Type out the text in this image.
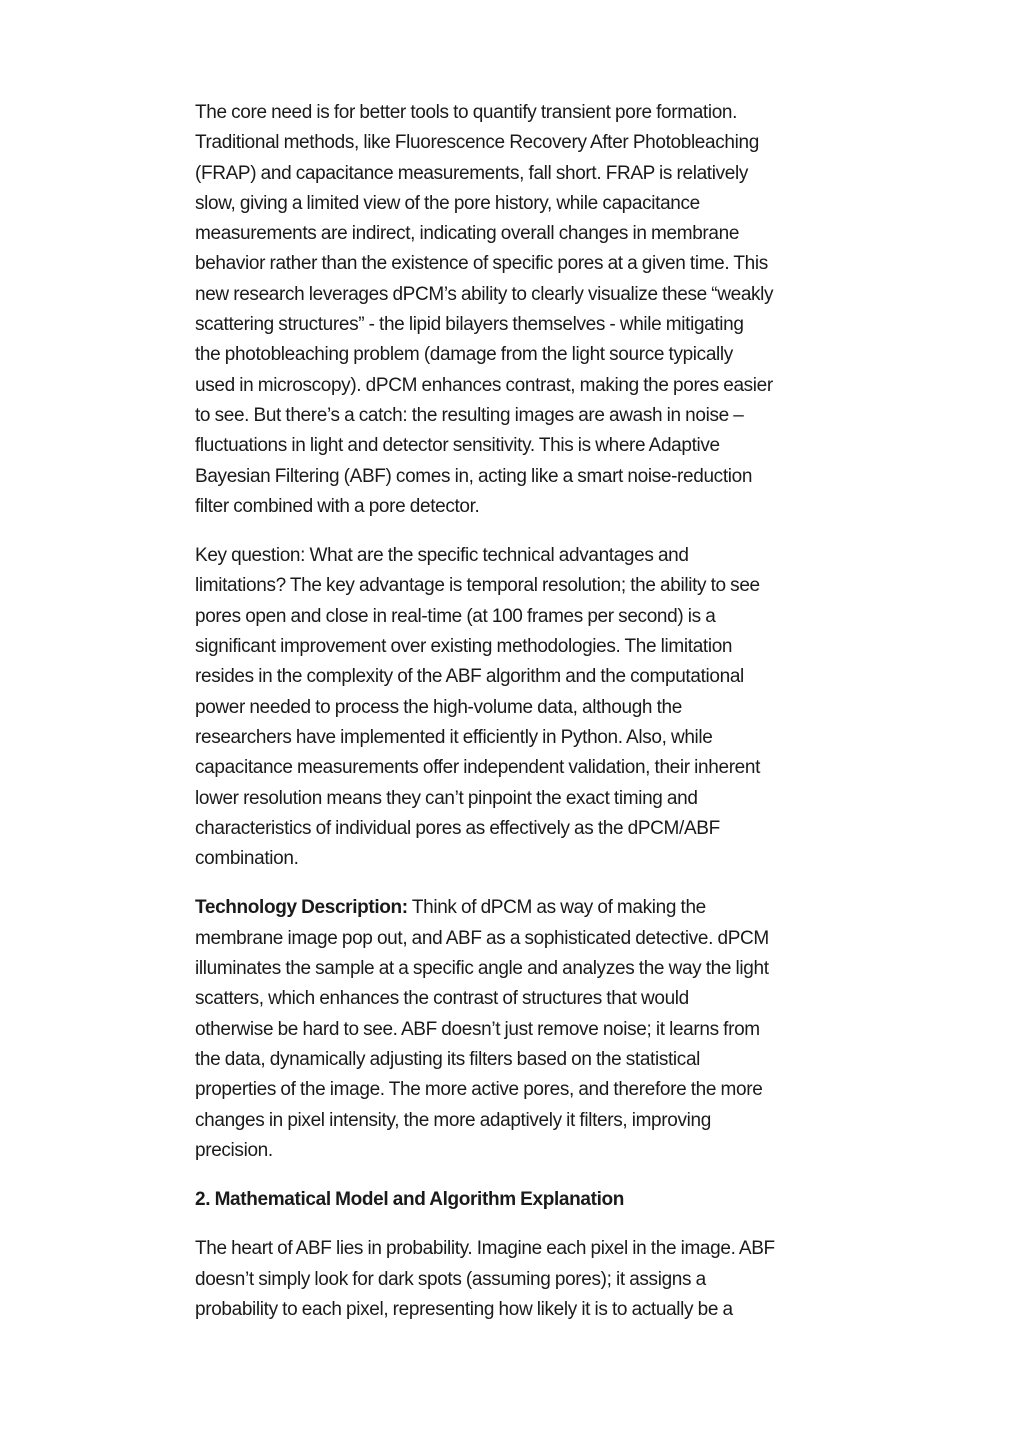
The core need is for better tools to quantify transient pore formation.
Traditional methods, like Fluorescence Recovery After Photobleaching
(FRAP) and capacitance measurements, fall short. FRAP is relatively
slow, giving a limited view of the pore history, while capacitance
measurements are indirect, indicating overall changes in membrane
behavior rather than the existence of specific pores at a given time. This
new research leverages dPCM’s ability to clearly visualize these “weakly
scattering structures” - the lipid bilayers themselves - while mitigating
the photobleaching problem (damage from the light source typically
used in microscopy). dPCM enhances contrast, making the pores easier
to see. But there’s a catch: the resulting images are awash in noise –
fluctuations in light and detector sensitivity. This is where Adaptive
Bayesian Filtering (ABF) comes in, acting like a smart noise-reduction
filter combined with a pore detector.

Key question: What are the specific technical advantages and
limitations? The key advantage is temporal resolution; the ability to see
pores open and close in real-time (at 100 frames per second) is a
significant improvement over existing methodologies. The limitation
resides in the complexity of the ABF algorithm and the computational
power needed to process the high-volume data, although the
researchers have implemented it efficiently in Python. Also, while
capacitance measurements offer independent validation, their inherent
lower resolution means they can’t pinpoint the exact timing and
characteristics of individual pores as effectively as the dPCM/ABF
combination.

Technology Description: Think of dPCM as way of making the
membrane image pop out, and ABF as a sophisticated detective. dPCM
illuminates the sample at a specific angle and analyzes the way the light
scatters, which enhances the contrast of structures that would
otherwise be hard to see. ABF doesn’t just remove noise; it learns from
the data, dynamically adjusting its filters based on the statistical
properties of the image. The more active pores, and therefore the more
changes in pixel intensity, the more adaptively it filters, improving
precision.

2. Mathematical Model and Algorithm Explanation

The heart of ABF lies in probability. Imagine each pixel in the image. ABF
doesn’t simply look for dark spots (assuming pores); it assigns a
probability to each pixel, representing how likely it is to actually be a
